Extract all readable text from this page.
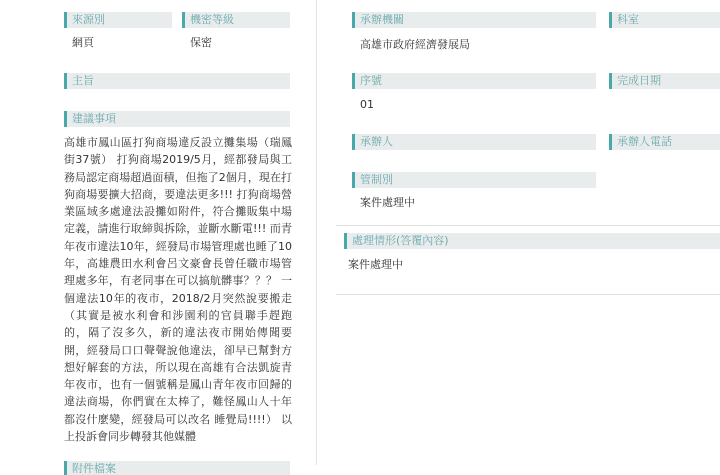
來源別	機密等級
網頁	保密
主旨
建議事項
高雄市鳳山區打狗商場違反設立攤集場（瑞鳳街37號） 打狗商場2019/5月，經都發局與工務局認定商場超過面積，但拖了2個月，現在打狗商場要擴大招商，要違法更多!!! 打狗商場營業區域多處違法設攤如附件，符合攤販集中場定義，請進行取締與拆除，並斷水斷電!!! 而青年夜市違法10年，經發局市場管理處也睡了10年，高雄農田水利會呂文豪會長曾任職市場管理處多年，有老同事在可以搞航髒事？？？ 一個違法10年的夜市，2018/2月突然說要搬走（其實是被水利會和涉園利的官員聯手趕跑的，隔了沒多久，新的違法夜市開始傳聞要開，經發局口口聲聲說他違法，卻早已幫對方想好解套的方法，所以現在高雄有合法凱旋青年夜市，也有一個號稱是鳳山青年夜市回歸的違法商場，你們實在太棒了，難怪鳳山人十年都沒什麼變，經發局可以改名 睡覺局!!!!） 以上投訴會同步轉發其他媒體
附件檔案
承辦機關	科室
高雄市政府經濟發展局
序號	完成日期
01
承辦人	承辦人電話
管制別
案件處理中
處理情形(答覆內容)
案件處理中
